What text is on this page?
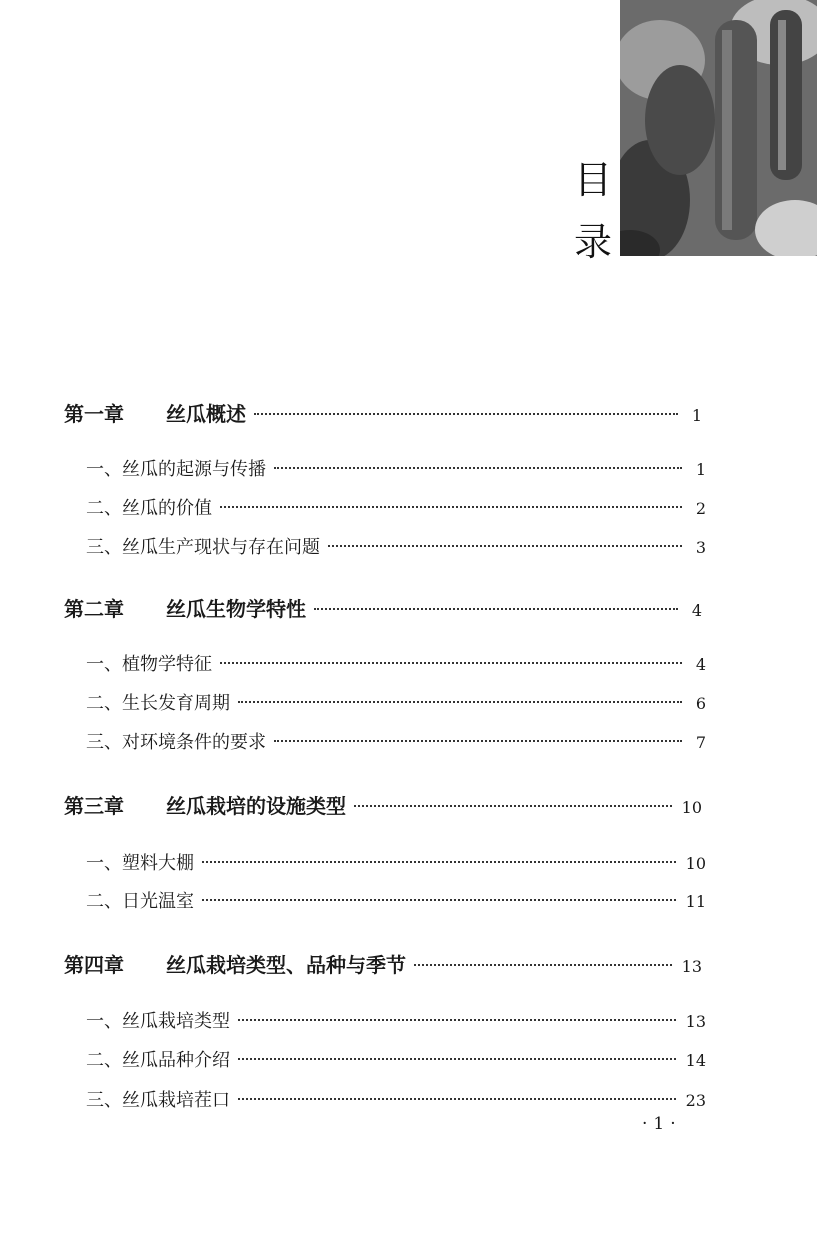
目
录
第一章	丝瓜概述	1
一、 丝瓜的起源与传播	1
二、 丝瓜的价值	2
三、 丝瓜生产现状与存在问题	3
第二章	丝瓜生物学特性	4
一、 植物学特征	4
二、 生长发育周期	6
三、 对环境条件的要求	7
第三章	丝瓜栽培的设施类型	10
一、 塑料大棚	10
二、 日光温室	11
第四章	丝瓜栽培类型、品种与季节	13
一、 丝瓜栽培类型	13
二、 丝瓜品种介绍	14
三、 丝瓜栽培茬口	23
·1·
